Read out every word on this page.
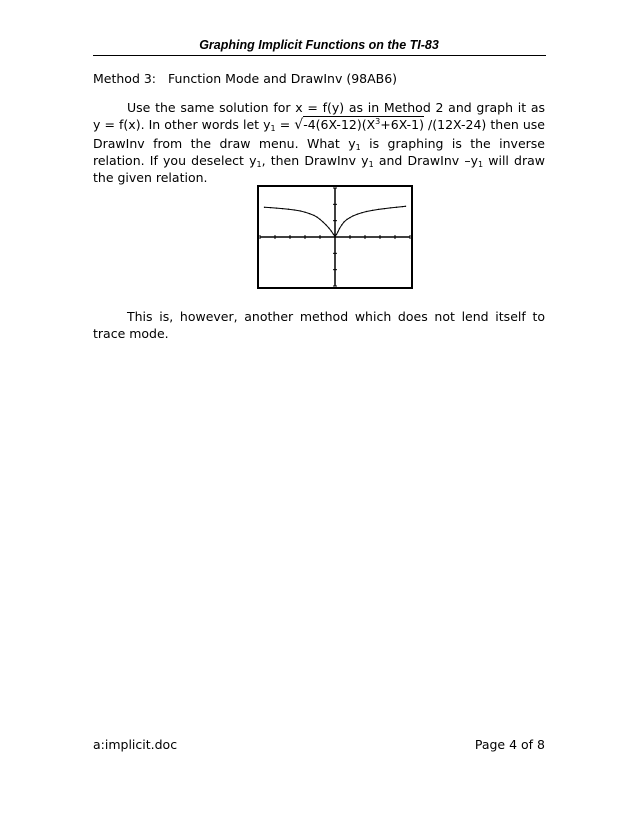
Graphing Implicit Functions on the TI-83
Method 3: Function Mode and DrawInv (98AB6)
Use the same solution for x = f(y) as in Method 2 and graph it as y = f(x). In other words let $y_1 = √-4(6X-12)(X^3+6X-1)$ /(12X-24) then use DrawInv from the draw menu. What $y_1$ is graphing is the inverse relation. If you deselect $y_1$, then DrawInv $y_1$ and DrawInv $-y_1$ will draw the given relation.
This is, however, another method which does not lend itself to trace mode.
a:implicit.doc	Page 4 of 8
